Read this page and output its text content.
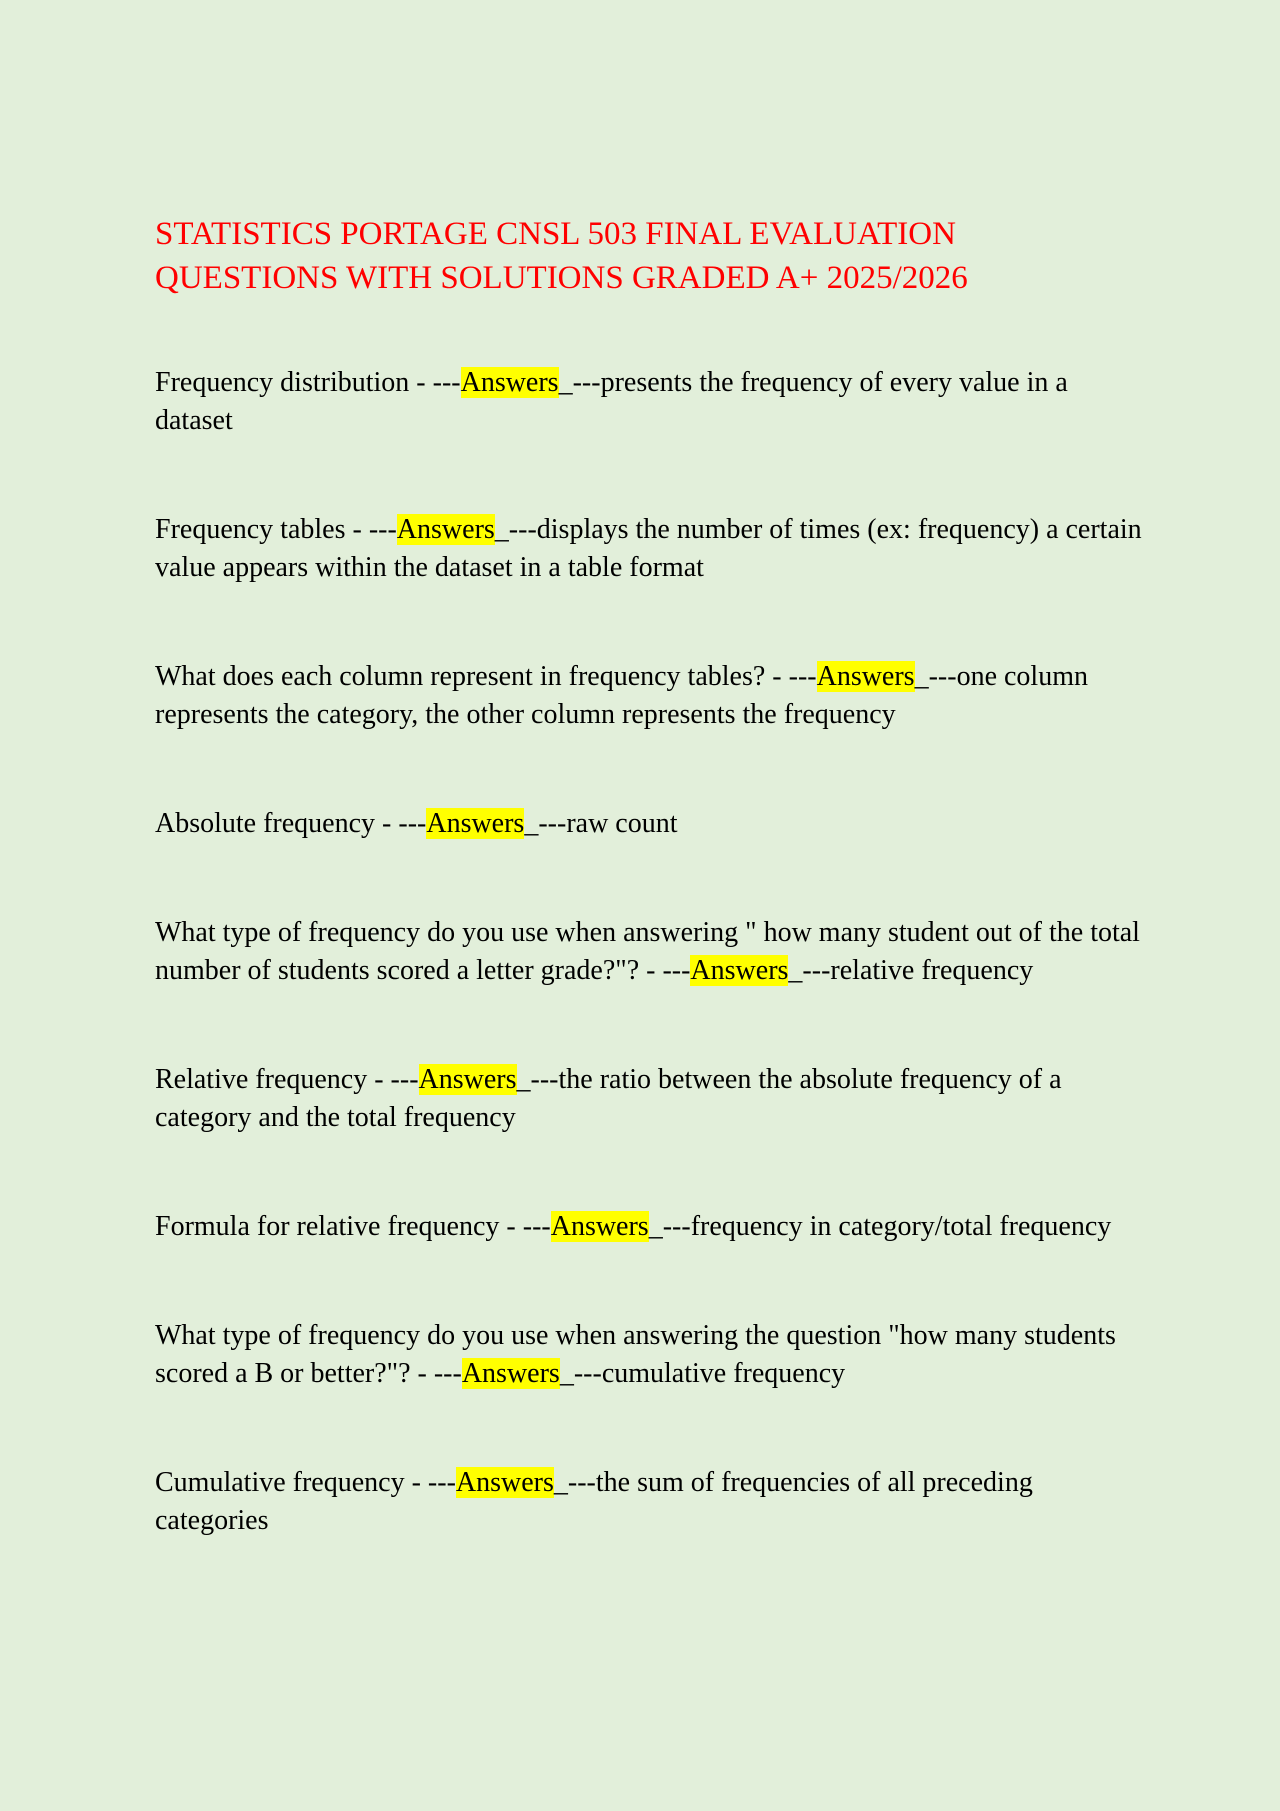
STATISTICS PORTAGE CNSL 503 FINAL EVALUATION
QUESTIONS WITH SOLUTIONS GRADED A+ 2025/2026

Frequency distribution - ---Answers_---presents the frequency of every value in a dataset

Frequency tables - ---Answers_---displays the number of times (ex: frequency) a certain value appears within the dataset in a table format

What does each column represent in frequency tables? - ---Answers_---one column represents the category, the other column represents the frequency

Absolute frequency - ---Answers_---raw count

What type of frequency do you use when answering " how many student out of the total number of students scored a letter grade?"? - ---Answers_---relative frequency

Relative frequency - ---Answers_---the ratio between the absolute frequency of a category and the total frequency

Formula for relative frequency - ---Answers_---frequency in category/total frequency

What type of frequency do you use when answering the question "how many students scored a B or better?"? - ---Answers_---cumulative frequency

Cumulative frequency - ---Answers_---the sum of frequencies of all preceding categories
